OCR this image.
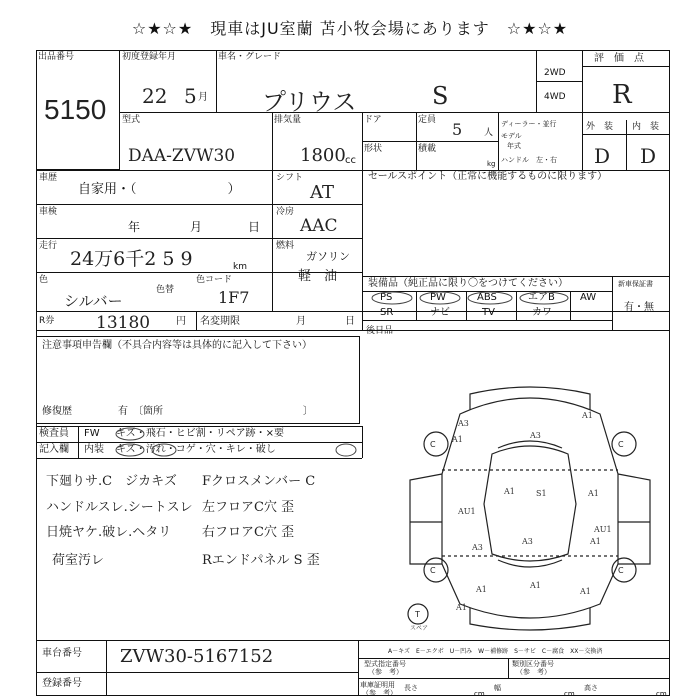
☆★☆★　現車はJU室蘭 苫小牧会場にあります　☆★☆★
出品番号
5150
初度登録年月
22 5 月
車名・グレード
プリウス	S
2WD
4WD
評　価　点
R
型式
DAA-ZVW30
排気量
1800 cc
ドア	定員 5 人
ディーラー・並行
モデル
年式
ハンドル　左・右
形状	積載
kg
外　装 内　装
D D
車歴
自家用・（　　　　　　　）
シフト
AT
車検
年	月	日
冷房
AAC
走行
24万6千2 5 9	km
燃料
ガソリン
軽　油
色
シルバー
色替
色コード
1F7
R券 13180	円 名変期限	月	日
セールスポイント（正常に機能するものに限ります）
装備品（純正品に限り〇をつけてください）	新車保証書
有・無
PS	PW	ABS	エアB	AW
SR	ナビ	TV	カワ
後日品
注意事項申告欄（不具合内容等は具体的に記入して下さい）
修復歴	有　〔箇所　　　　　　　　　　　　　　〕
検査員 FW キズ・飛石・ヒビ割・リペア跡・×要
記入欄 内装 キズ・汚れ・コゲ・穴・キレ・破し
下廻りサ.C　ジカキズ
ハンドルスレ.シートスレ
日焼ヤケ.破レ.ヘタリ
荷室汚レ
Fクロスメンバー C
左フロアC穴 歪
右フロアC穴 歪
Rエンドパネル S 歪
C	C
C	C
T
A3
A1
A3
A1
S1
A1
AU1
A1
A3
A1
A3
AU1
A1
A1	A1
A1
スペア
車台番号 ZVW30-5167152
登録番号
A－キズ　E－エクボ　U－凹み　W－補修跡　S－サビ　C－腐食　XX－交換済
型式指定番号
（参　考）
類別区分番号
（参　考）
車庫証明用
（参　考）
長さ
cm
幅
cm
高さ
cm
